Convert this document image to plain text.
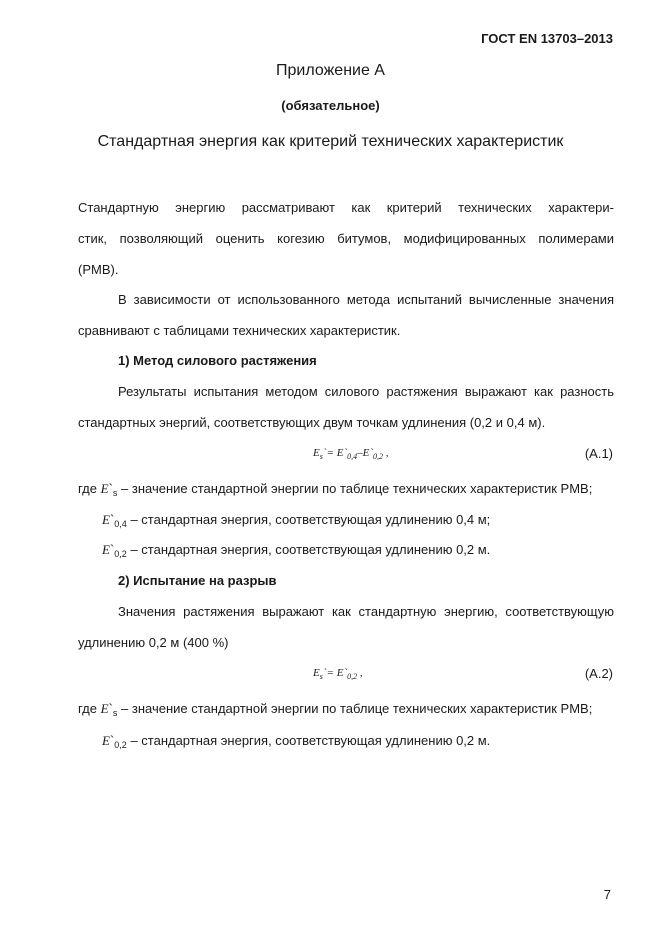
ГОСТ EN 13703–2013
Приложение А
(обязательное)
Стандартная энергия как критерий технических характеристик
Стандартную энергию рассматривают как критерий технических характери-
стик, позволяющий оценить когезию битумов, модифицированных полимерами
(PMB).
В зависимости от использованного метода испытаний вычисленные значения
сравнивают с таблицами технических характеристик.
1) Метод силового растяжения
Результаты испытания методом силового растяжения выражают как разность
стандартных энергий, соответствующих двум точкам удлинения (0,2 и 0,4 м).
$E_s`=$ $E`_{0,4}-E`_{0,2}$ ,	(А.1)
где $E`_s$ – значение стандартной энергии по таблице технических характеристик PMB;
$E`_{0,4}$ – стандартная энергия, соответствующая удлинению 0,4 м;
$E`_{0,2}$ – стандартная энергия, соответствующая удлинению 0,2 м.
2) Испытание на разрыв
Значения растяжения выражают как стандартную энергию, соответствующую
удлинению 0,2 м (400 %)
$E_s`=$ $E`_{0,2}$ ,	(А.2)
где $E`_s$ – значение стандартной энергии по таблице технических характеристик PMB;
$E`_{0,2}$ – стандартная энергия, соответствующая удлинению 0,2 м.
7
